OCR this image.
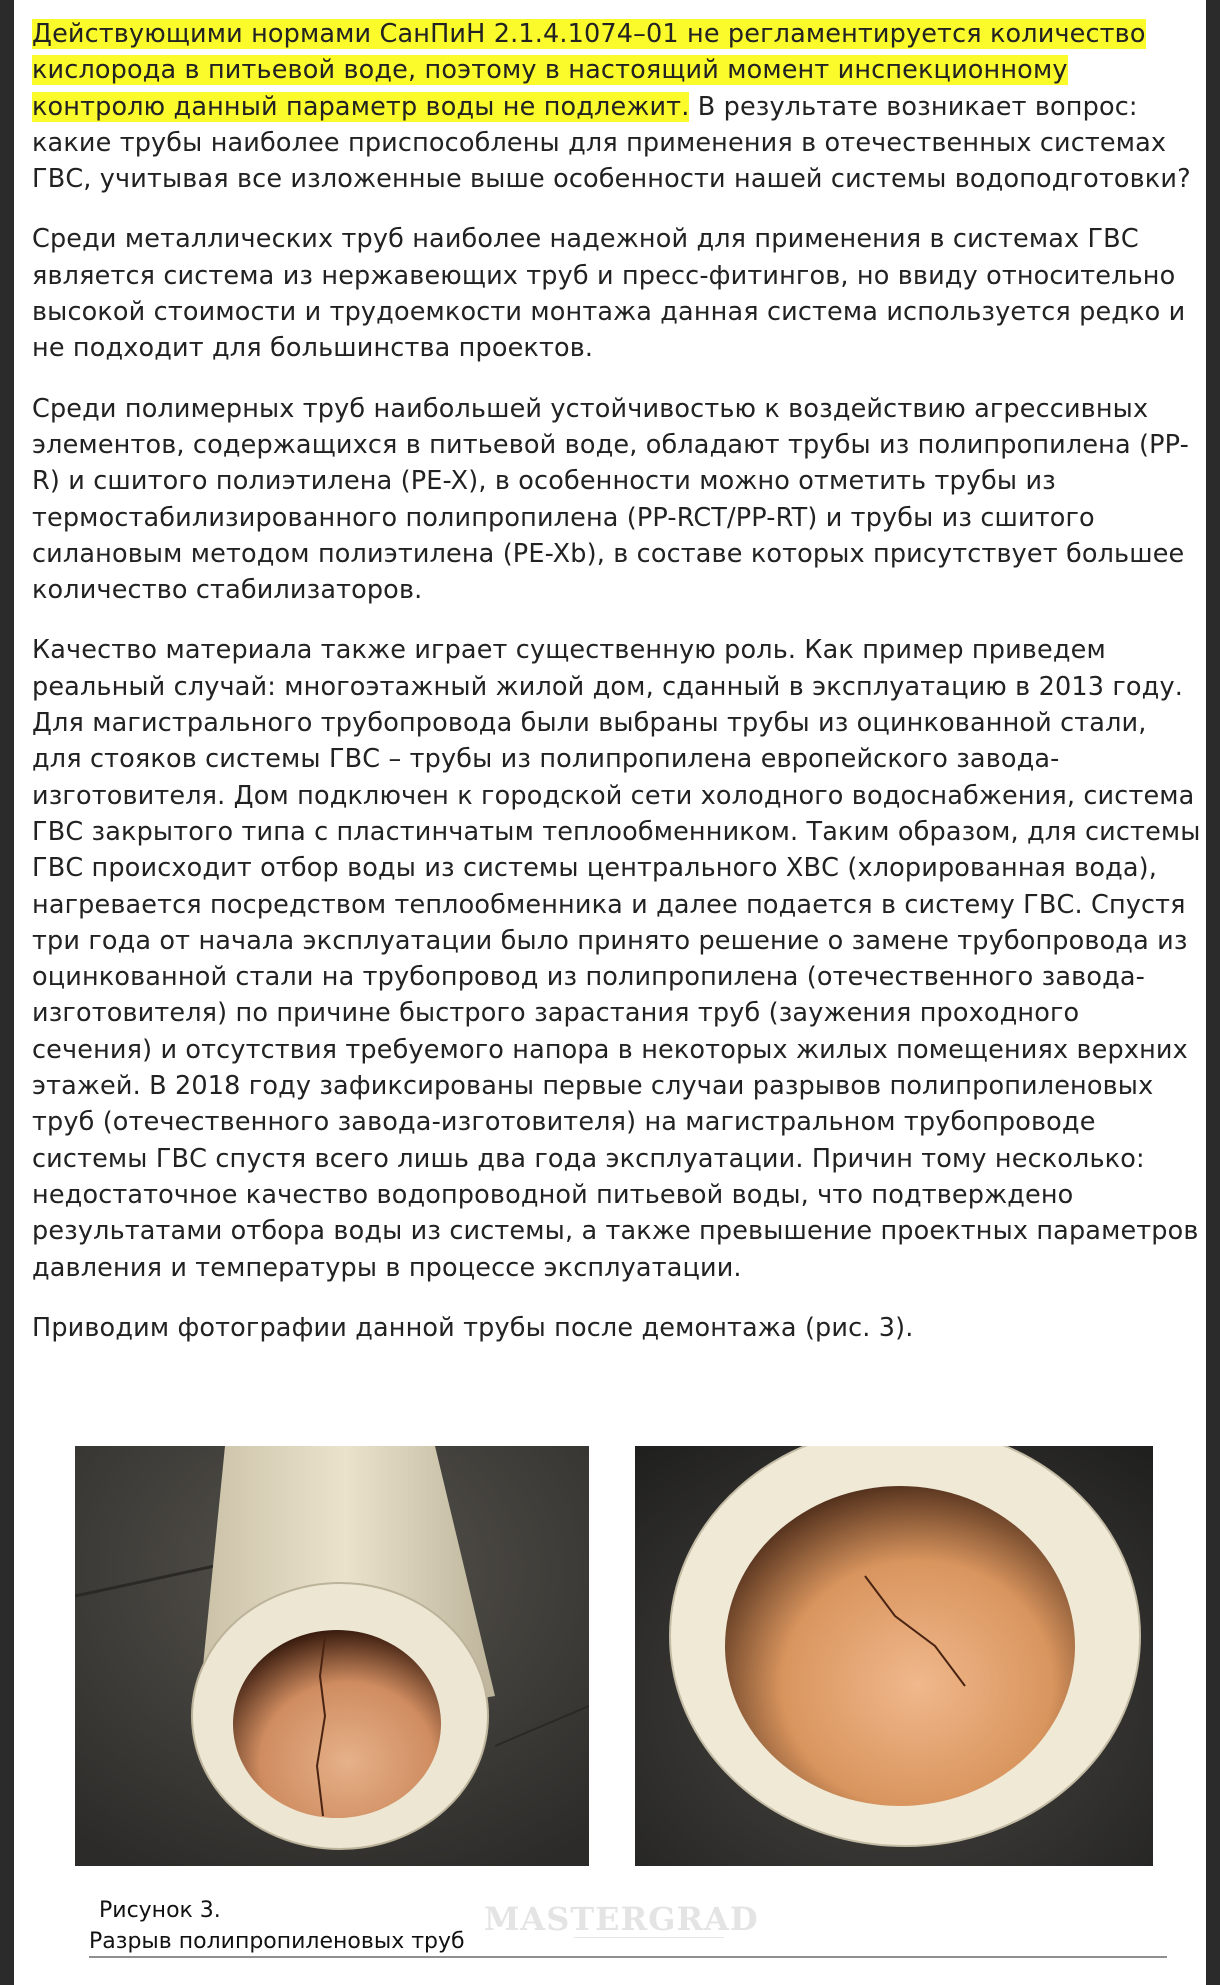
Действующими нормами СанПиН 2.1.4.1074–01 не регламентируется количество кислорода в питьевой воде, поэтому в настоящий момент инспекционному контролю данный параметр воды не подлежит. В результате возникает вопрос: какие трубы наиболее приспособлены для применения в отечественных системах ГВС, учитывая все изложенные выше особенности нашей системы водоподготовки?

Среди металлических труб наиболее надежной для применения в системах ГВС является система из нержавеющих труб и пресс-фитингов, но ввиду относительно высокой стоимости и трудоемкости монтажа данная система используется редко и не подходит для большинства проектов.

Среди полимерных труб наибольшей устойчивостью к воздействию агрессивных элементов, содержащихся в питьевой воде, обладают трубы из полипропилена (PP-R) и сшитого полиэтилена (PE-X), в особенности можно отметить трубы из термостабилизированного полипропилена (PP-RCT/PP-RT) и трубы из сшитого силановым методом полиэтилена (PE-Xb), в составе которых присутствует большее количество стабилизаторов.

Качество материала также играет существенную роль. Как пример приведем реальный случай: многоэтажный жилой дом, сданный в эксплуатацию в 2013 году. Для магистрального трубопровода были выбраны трубы из оцинкованной стали, для стояков системы ГВС – трубы из полипропилена европейского завода-изготовителя. Дом подключен к городской сети холодного водоснабжения, система ГВС закрытого типа с пластинчатым теплообменником. Таким образом, для системы ГВС происходит отбор воды из системы центрального ХВС (хлорированная вода), нагревается посредством теплообменника и далее подается в систему ГВС. Спустя три года от начала эксплуатации было принято решение о замене трубопровода из оцинкованной стали на трубопровод из полипропилена (отечественного завода-изготовителя) по причине быстрого зарастания труб (заужения проходного сечения) и отсутствия требуемого напора в некоторых жилых помещениях верхних этажей. В 2018 году зафиксированы первые случаи разрывов полипропиленовых труб (отечественного завода-изготовителя) на магистральном трубопроводе системы ГВС спустя всего лишь два года эксплуатации. Причин тому несколько: недостаточное качество водопроводной питьевой воды, что подтверждено результатами отбора воды из системы, а также превышение проектных параметров давления и температуры в процессе эксплуатации.

Приводим фотографии данной трубы после демонтажа (рис. 3).

MASTERGRAD
Рисунок 3.
Разрыв полипропиленовых труб
